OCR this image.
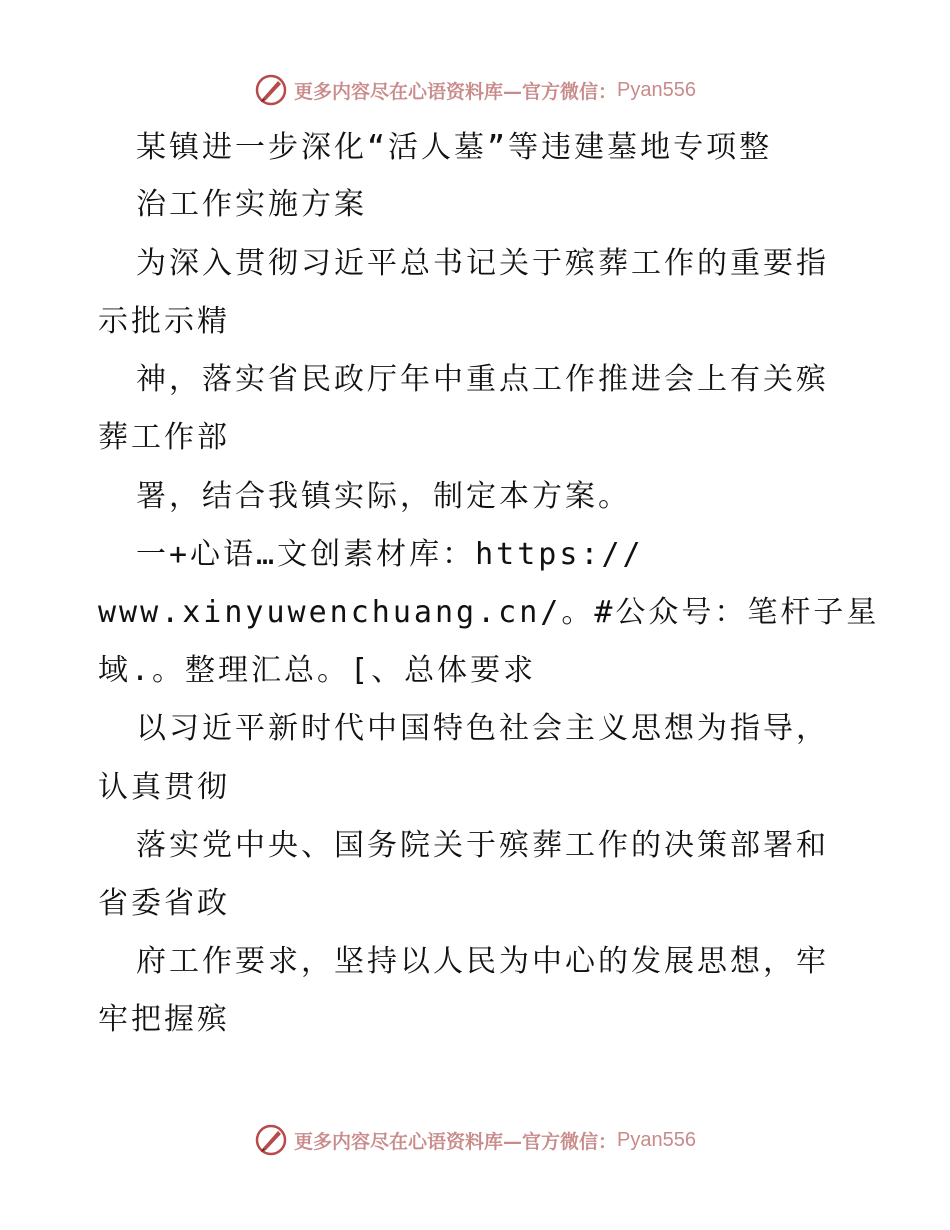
更多内容尽在心语资料库—官方微信： Pyan556
某镇进一步深化“活人墓”等违建墓地专项整
治工作实施方案
为深入贯彻习近平总书记关于殡葬工作的重要指
示批示精
神，落实省民政厅年中重点工作推进会上有关殡
葬工作部
署，结合我镇实际，制定本方案。
一+心语…文创素材库：https://
www.xinyuwenchuang.cn/。#公众号：笔杆子星
域.。整理汇总。[、总体要求
以习近平新时代中国特色社会主义思想为指导，
认真贯彻
落实党中央、国务院关于殡葬工作的决策部署和
省委省政
府工作要求，坚持以人民为中心的发展思想，牢
牢把握殡
更多内容尽在心语资料库—官方微信： Pyan556
